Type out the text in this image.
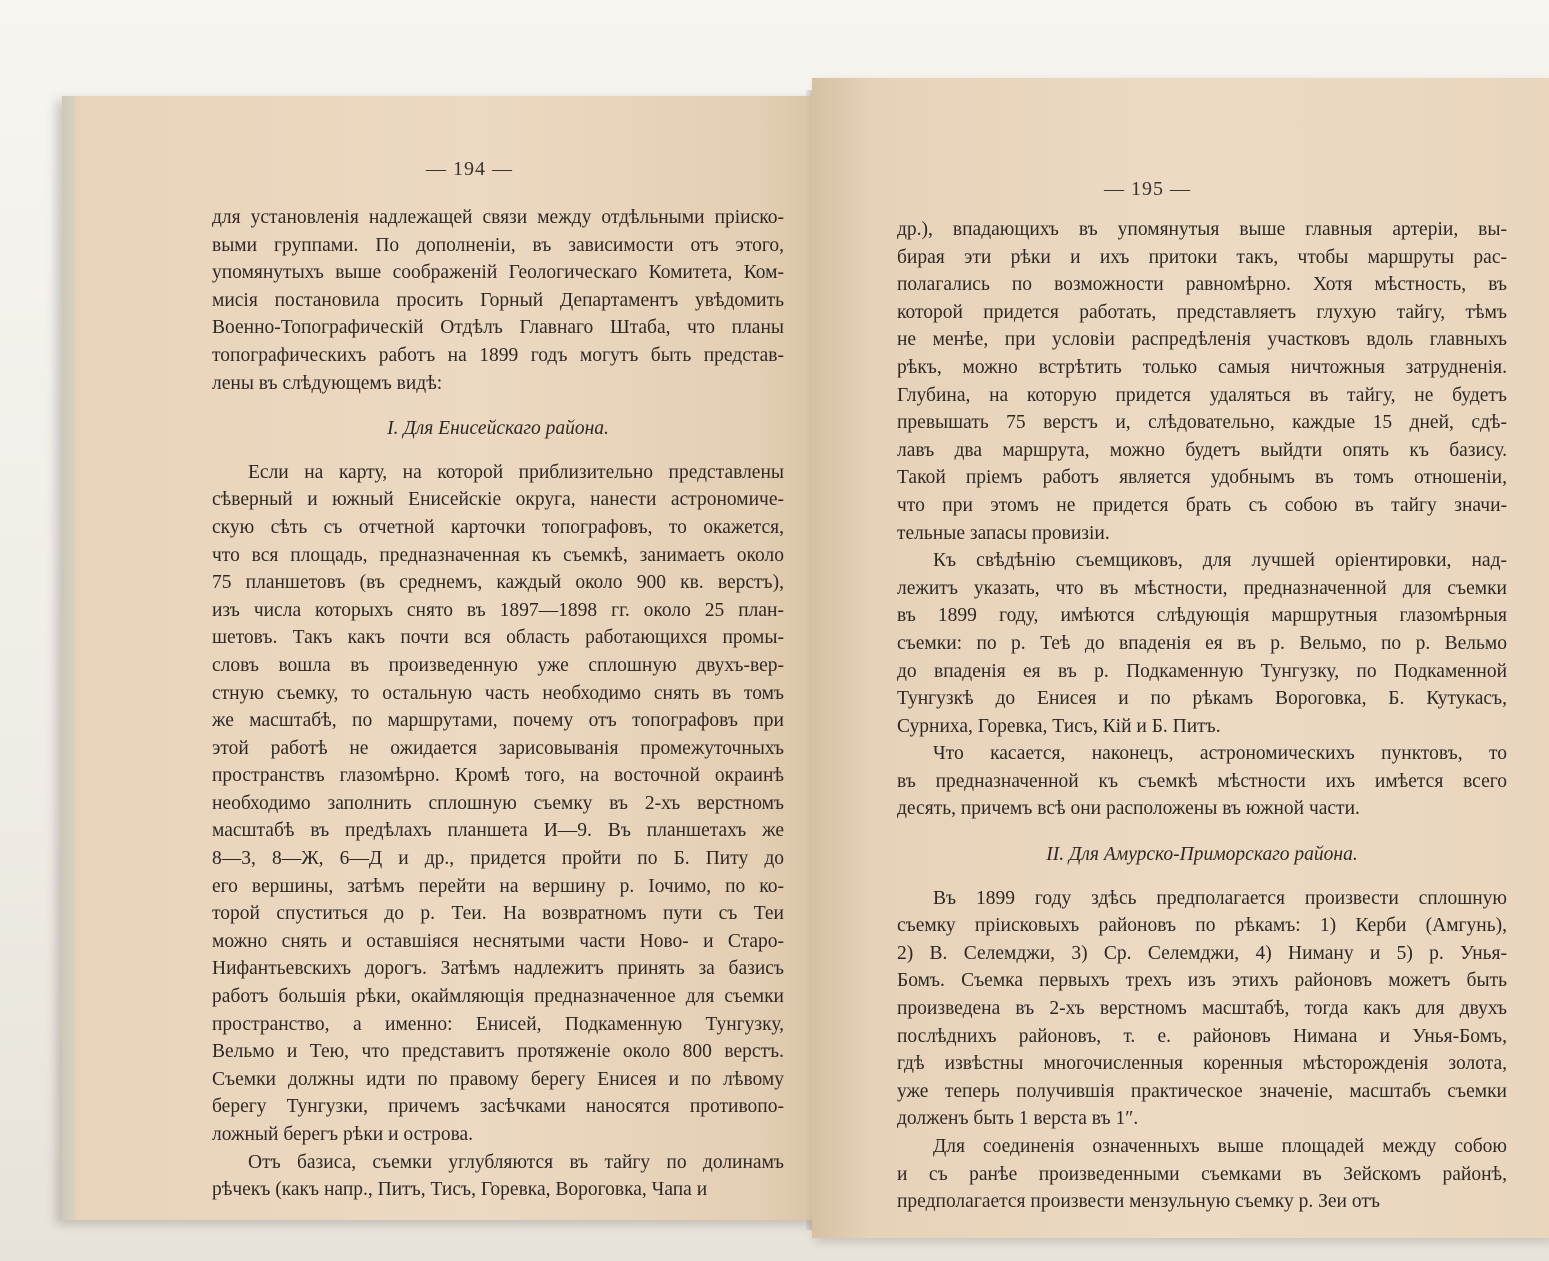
— 194 —
для установленія надлежащей связи между отдѣльными пріиско-
выми группами. По дополненіи, въ зависимости отъ этого,
упомянутыхъ выше соображеній Геологическаго Комитета, Ком-
мисія постановила просить Горный Департаментъ увѣдомить
Военно-Топографическій Отдѣлъ Главнаго Штаба, что планы
топографическихъ работъ на 1899 годъ могутъ быть представ-
лены въ слѣдующемъ видѣ:
I. Для Енисейскаго района.
Если на карту, на которой приблизительно представлены
сѣверный и южный Енисейскіе округа, нанести астрономиче-
скую сѣть съ отчетной карточки топографовъ, то окажется,
что вся площадь, предназначенная къ съемкѣ, занимаетъ около
75 планшетовъ (въ среднемъ, каждый около 900 кв. верстъ),
изъ числа которыхъ снято въ 1897—1898 гг. около 25 план-
шетовъ. Такъ какъ почти вся область работающихся промы-
словъ вошла въ произведенную уже сплошную двухъ-вер-
стную съемку, то остальную часть необходимо снять въ томъ
же масштабѣ, по маршрутами, почему отъ топографовъ при
этой работѣ не ожидается зарисовыванія промежуточныхъ
пространствъ глазомѣрно. Кромѣ того, на восточной окраинѣ
необходимо заполнить сплошную съемку въ 2-хъ верстномъ
масштабѣ въ предѣлахъ планшета И—9. Въ планшетахъ же
8—3, 8—Ж, 6—Д и др., придется пройти по Б. Питу до
его вершины, затѣмъ перейти на вершину р. Іочимо, по ко-
торой спуститься до р. Теи. На возвратномъ пути съ Теи
можно снять и оставшіяся неснятыми части Ново- и Старо-
Нифантьевскихъ дорогъ. Затѣмъ надлежитъ принять за базисъ
работъ большія рѣки, окаймляющія предназначенное для съемки
пространство, а именно: Енисей, Подкаменную Тунгузку,
Вельмо и Тею, что представитъ протяженіе около 800 верстъ.
Съемки должны идти по правому берегу Енисея и по лѣвому
берегу Тунгузки, причемъ засѣчками наносятся противопо-
ложный берегъ рѣки и острова.
Отъ базиса, съемки углубляются въ тайгу по долинамъ
рѣчекъ (какъ напр., Питъ, Тисъ, Горевка, Вороговка, Чапа и
— 195 —
др.), впадающихъ въ упомянутыя выше главныя артеріи, вы-
бирая эти рѣки и ихъ притоки такъ, чтобы маршруты рас-
полагались по возможности равномѣрно. Хотя мѣстность, въ
которой придется работать, представляетъ глухую тайгу, тѣмъ
не менѣе, при условіи распредѣленія участковъ вдоль главныхъ
рѣкъ, можно встрѣтить только самыя ничтожныя затрудненія.
Глубина, на которую придется удаляться въ тайгу, не будетъ
превышать 75 верстъ и, слѣдовательно, каждые 15 дней, сдѣ-
лавъ два маршрута, можно будетъ выйдти опять къ базису.
Такой пріемъ работъ является удобнымъ въ томъ отношеніи,
что при этомъ не придется брать съ собою въ тайгу значи-
тельные запасы провизіи.
Къ свѣдѣнію съемщиковъ, для лучшей оріентировки, над-
лежитъ указать, что въ мѣстности, предназначенной для съемки
въ 1899 году, имѣются слѣдующія маршрутныя глазомѣрныя
съемки: по р. Теѣ до впаденія ея въ р. Вельмо, по р. Вельмо
до впаденія ея въ р. Подкаменную Тунгузку, по Подкаменной
Тунгузкѣ до Енисея и по рѣкамъ Вороговка, Б. Кутукасъ,
Сурниха, Горевка, Тисъ, Кій и Б. Питъ.
Что касается, наконецъ, астрономическихъ пунктовъ, то
въ предназначенной къ съемкѣ мѣстности ихъ имѣется всего
десять, причемъ всѣ они расположены въ южной части.
II. Для Амурско-Приморскаго района.
Въ 1899 году здѣсь предполагается произвести сплошную
съемку пріисковыхъ районовъ по рѣкамъ: 1) Керби (Амгунь),
2) В. Селемджи, 3) Ср. Селемджи, 4) Ниману и 5) р. Унья-
Бомъ. Съемка первыхъ трехъ изъ этихъ районовъ можетъ быть
произведена въ 2-хъ верстномъ масштабѣ, тогда какъ для двухъ
послѣднихъ районовъ, т. е. районовъ Нимана и Унья-Бомъ,
гдѣ извѣстны многочисленныя коренныя мѣсторожденія золота,
уже теперь получившія практическое значеніе, масштабъ съемки
долженъ быть 1 верста въ 1″.
Для соединенія означенныхъ выше площадей между собою
и съ ранѣе произведенными съемками въ Зейскомъ районѣ,
предполагается произвести мензульную съемку р. Зеи отъ
